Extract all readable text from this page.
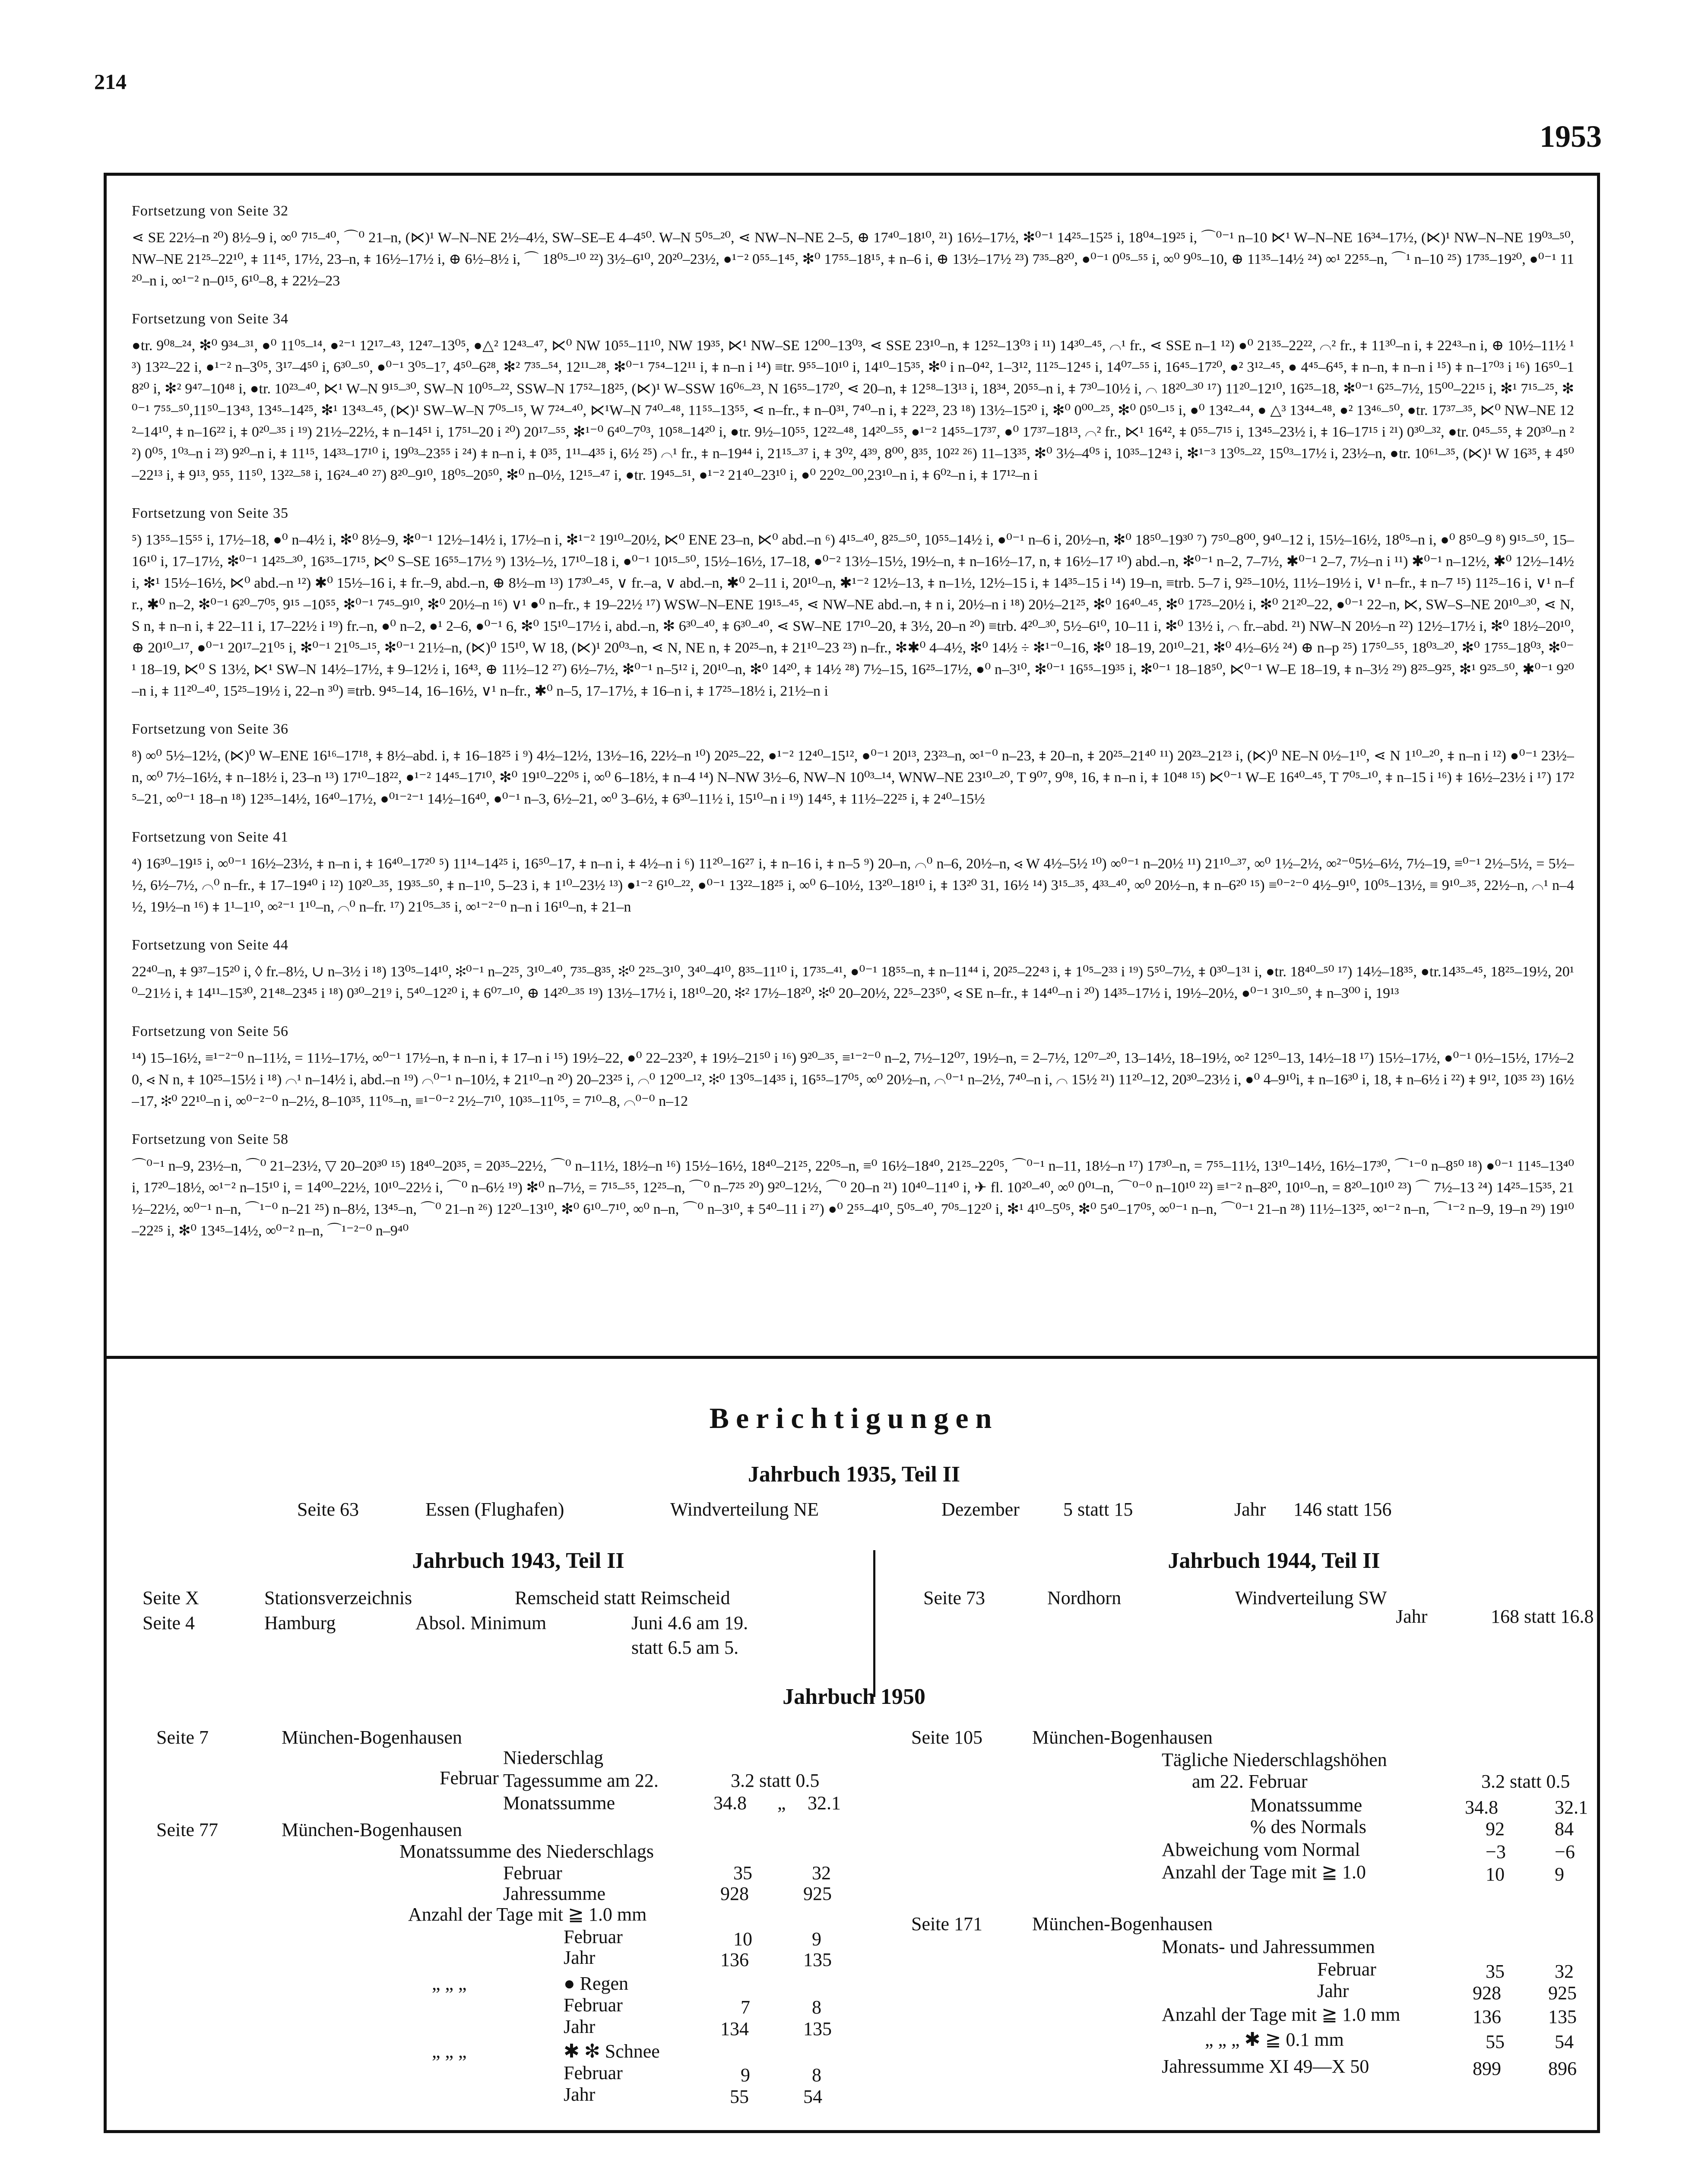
214
1953
Fortsetzung von Seite 32

⋖ SE 22½–n ²⁰) 8½–9 i, ∞⁰ 7¹⁵–⁴⁰, ⌒⁰ 21–n, (⋉)¹ W–N–NE 2½–4½, SW–SE–E 4–4⁵⁰. W–N 5⁰⁵–²⁰, ⋖ NW–N–NE 2–5, ⊕ 17⁴⁰–18¹⁰, ²¹) 16½–17½, ✻⁰⁻¹ 14²⁵–15²⁵ i, 18⁰⁴–19²⁵ i, ⌒⁰⁻¹ n–10 ⋉¹ W–N–NE 16³⁴–17½, (⋉)¹ NW–N–NE 19⁰³–⁵⁰, NW–NE 21²⁵–22¹⁰, ⧧ 11⁴⁵, 17½, 23–n, ⧧ 16½–17½ i, ⊕ 6½–8½ i, ⌒ 18⁰⁵–¹⁰ ²²) 3½–6¹⁰, 20²⁰–23½, ●¹⁻² 0⁵⁵–1⁴⁵, ✻⁰ 17⁵⁵–18¹⁵, ⧧ n–6 i, ⊕ 13½–17½ ²³) 7³⁵–8²⁰, ●⁰⁻¹ 0⁰⁵–⁵⁵ i, ∞⁰ 9⁰⁵–10, ⊕ 11³⁵–14½ ²⁴) ∞¹ 22⁵⁵–n, ⌒¹ n–10 ²⁵) 17³⁵–19²⁰, ●⁰⁻¹ 11²⁰–n i, ∞¹⁻² n–0¹⁵, 6¹⁰–8, ⧧ 22½–23

Fortsetzung von Seite 34

●tr. 9⁰⁸–²⁴, ✻⁰ 9³⁴–³¹, ●⁰ 11⁰⁵–¹⁴, ●²⁻¹ 12¹⁷–⁴³, 12⁴⁷–13⁰⁵, ●△² 12⁴³–⁴⁷, ⋉⁰ NW 10⁵⁵–11¹⁰, NW 19³⁵, ⋉¹ NW–SE 12⁰⁰–13⁰³, ⋖ SSE 23¹⁰–n, ⧧ 12⁵²–13⁰³ i ¹¹) 14³⁰–⁴⁵, ⌒¹ fr., ⋖ SSE n–1 ¹²) ●⁰ 21³⁵–22²², ⌒² fr., ⧧ 11³⁰–n i, ⧧ 22⁴³–n i, ⊕ 10½–11½ ¹³) 13²²–22 i, ●¹⁻² n–3⁰⁵, 3¹⁷–4⁵⁰ i, 6³⁰–⁵⁰, ●⁰⁻¹ 3⁰⁵–1⁷, 4⁵⁰–6²⁸, ✻² 7³⁵–⁵⁴, 12¹¹–²⁸, ✻⁰⁻¹ 7⁵⁴–12¹¹ i, ⧧ n–n i ¹⁴) ≡tr. 9⁵⁵–10¹⁰ i, 14¹⁰–15³⁵, ✻⁰ i n–0⁴², 1–3¹², 11²⁵–12⁴⁵ i, 14⁰⁷–⁵⁵ i, 16⁴⁵–17²⁰, ●² 3¹²–⁴⁵, ● 4⁴⁵–6⁴⁵, ⧧ n–n, ⧧ n–n i ¹⁵) ⧧ n–1⁷⁰³ i ¹⁶) 16⁵⁰–18²⁰ i, ✻² 9⁴⁷–10⁴⁸ i, ●tr. 10²³–⁴⁰, ⋉¹ W–N 9¹⁵–³⁰, SW–N 10⁰⁵–²², SSW–N 17⁵²–18²⁵, (⋉)¹ W–SSW 16⁰⁶–²³, N 16⁵⁵–17²⁰, ⋖ 20–n, ⧧ 12⁵⁸–13¹³ i, 18³⁴, 20⁵⁵–n i, ⧧ 7³⁰–10½ i, ⌒ 18²⁰–³⁰ ¹⁷) 11²⁰–12¹⁰, 16²⁵–18, ✻⁰⁻¹ 6²⁵–7½, 15⁰⁰–22¹⁵ i, ✻¹ 7¹⁵–²⁵, ✻⁰⁻¹ 7⁵⁵–⁵⁰,11⁵⁰–13⁴³, 13⁴⁵–14²⁵, ✻¹ 13⁴³–⁴⁵, (⋉)¹ SW–W–N 7⁰⁵–¹⁵, W 7²⁴–⁴⁰, ⋉¹W–N 7⁴⁰–⁴⁸, 11⁵⁵–13⁵⁵, ⋖ n–fr., ⧧ n–0³¹, 7⁴⁰–n i, ⧧ 22²³, 23 ¹⁸) 13½–15²⁰ i, ✻⁰ 0⁰⁰–²⁵, ✻⁰ 0⁵⁰–¹⁵ i, ●⁰ 13⁴²–⁴⁴, ● △³ 13⁴⁴–⁴⁸, ●² 13⁴⁶–⁵⁰, ●tr. 17³⁷–³⁵, ⋉⁰ NW–NE 12²–14¹⁰, ⧧ n–16²² i, ⧧ 0²⁰–³⁵ i ¹⁹) 21½–22½, ⧧ n–14⁵¹ i, 17⁵¹–20 i ²⁰) 20¹⁷–⁵⁵, ✻¹⁻⁰ 6⁴⁰–7⁰³, 10⁵⁸–14²⁰ i, ●tr. 9½–10⁵⁵, 12²²–⁴⁸, 14²⁰–⁵⁵, ●¹⁻² 14⁵⁵–17³⁷, ●⁰ 17³⁷–18¹³, ⌒² fr., ⋉¹ 16⁴², ⧧ 0⁵⁵–7¹⁵ i, 13⁴⁵–23½ i, ⧧ 16–17¹⁵ i ²¹) 0³⁰–³², ●tr. 0⁴⁵–⁵⁵, ⧧ 20³⁰–n ²²) 0⁰⁵, 1⁰³–n i ²³) 9²⁰–n i, ⧧ 11¹⁵, 14³³–17¹⁰ i, 19⁰³–23⁵⁵ i ²⁴) ⧧ n–n i, ⧧ 0³⁵, 1¹¹–4³⁵ i, 6½ ²⁵) ⌒¹ fr., ⧧ n–19⁴⁴ i, 21¹⁵–³⁷ i, ⧧ 3⁰², 4³⁹, 8⁰⁰, 8³⁵, 10²² ²⁶) 11–13³⁵, ✻⁰ 3½–4⁰⁵ i, 10³⁵–12⁴³ i, ✻¹⁻³ 13⁰⁵–²², 15⁰³–17½ i, 23½–n, ●tr. 10⁶¹–³⁵, (⋉)¹ W 16³⁵, ⧧ 4⁵⁰–22¹³ i, ⧧ 9¹³, 9⁵⁵, 11⁵⁰, 13²²–⁵⁸ i, 16²⁴–⁴⁰ ²⁷) 8²⁰–9¹⁰, 18⁰⁵–20⁵⁰, ✻⁰ n–0½, 12¹⁵–⁴⁷ i, ●tr. 19⁴⁵–⁵¹, ●¹⁻² 21⁴⁰–23¹⁰ i, ●⁰ 22⁰²–⁰⁰,23¹⁰–n i, ⧧ 6⁰²–n i, ⧧ 17¹²–n i

Fortsetzung von Seite 35

⁵) 13⁵⁵–15⁵⁵ i, 17½–18, ●⁰ n–4½ i, ✻⁰ 8½–9, ✻⁰⁻¹ 12½–14½ i, 17½–n i, ✻¹⁻² 19¹⁰–20½, ⋉⁰ ENE 23–n, ⋉⁰ abd.–n ⁶) 4¹⁵–⁴⁰, 8²⁵–⁵⁰, 10⁵⁵–14½ i, ●⁰⁻¹ n–6 i, 20½–n, ✻⁰ 18⁵⁰–19³⁰ ⁷) 7⁵⁰–8⁰⁰, 9⁴⁰–12 i, 15½–16½, 18⁰⁵–n i, ●⁰ 8⁵⁰–9 ⁸) 9¹⁵–⁵⁰, 15–16¹⁰ i, 17–17½, ✻⁰⁻¹ 14²⁵–³⁰, 16³⁵–17¹⁵, ⋉⁰ S–SE 16⁵⁵–17½ ⁹) 13½–½, 17¹⁰–18 i, ●⁰⁻¹ 10¹⁵–⁵⁰, 15½–16½, 17–18, ●⁰⁻² 13½–15½, 19½–n, ⧧ n–16½–17, n, ⧧ 16½–17 ¹⁰) abd.–n, ✻⁰⁻¹ n–2, 7–7½, ✱⁰⁻¹ 2–7, 7½–n i ¹¹) ✱⁰⁻¹ n–12½, ✱⁰ 12½–14½ i, ✻¹ 15½–16½, ⋉⁰ abd.–n ¹²) ✱⁰ 15½–16 i, ⧧ fr.–9, abd.–n, ⊕ 8½–m ¹³) 17³⁰–⁴⁵, ∨ fr.–a, ∨ abd.–n, ✱⁰ 2–11 i, 20¹⁰–n, ✱¹⁻² 12½–13, ⧧ n–1½, 12½–15 i, ⧧ 14³⁵–15 i ¹⁴) 19–n, ≡trb. 5–7 i, 9²⁵–10½, 11½–19½ i, ∨¹ n–fr., ⧧ n–7 ¹⁵) 11²⁵–16 i, ∨¹ n–fr., ✱⁰ n–2, ✻⁰⁻¹ 6²⁰–7⁰⁵, 9¹⁵ –10⁵⁵, ✻⁰⁻¹ 7⁴⁵–9¹⁰, ✻⁰ 20½–n ¹⁶) ∨¹ ●⁰ n–fr., ⧧ 19–22½ ¹⁷) WSW–N–ENE 19¹⁵–⁴⁵, ⋖ NW–NE abd.–n, ⧧ n i, 20½–n i ¹⁸) 20½–21²⁵, ✻⁰ 16⁴⁰–⁴⁵, ✻⁰ 17²⁵–20½ i, ✻⁰ 21²⁰–22, ●⁰⁻¹ 22–n, ⋉, SW–S–NE 20¹⁰–³⁰, ⋖ N, S n, ⧧ n–n i, ⧧ 22–11 i, 17–22½ i ¹⁹) fr.–n, ●⁰ n–2, ●¹ 2–6, ●⁰⁻¹ 6, ✻⁰ 15¹⁰–17½ i, abd.–n, ✻ 6³⁰–⁴⁰, ⧧ 6³⁰–⁴⁰, ⋖ SW–NE 17¹⁰–20, ⧧ 3½, 20–n ²⁰) ≡trb. 4²⁰–³⁰, 5½–6¹⁰, 10–11 i, ✻⁰ 13½ i, ⌒ fr.–abd. ²¹) NW–N 20½–n ²²) 12½–17½ i, ✻⁰ 18½–20¹⁰, ⊕ 20¹⁰–¹⁷, ●⁰⁻¹ 20¹⁷–21⁰⁵ i, ✻⁰⁻¹ 21⁰⁵–¹⁵, ✻⁰⁻¹ 21½–n, (⋉)⁰ 15¹⁰, W 18, (⋉)¹ 20⁰³–n, ⋖ N, NE n, ⧧ 20²⁵–n, ⧧ 21¹⁰–23 ²³) n–fr., ✻✱⁰ 4–4½, ✻⁰ 14½ ÷ ✻¹⁻⁰–16, ✻⁰ 18–19, 20¹⁰–21, ✻⁰ 4½–6½ ²⁴) ⊕ n–p ²⁵) 17⁵⁰–⁵⁵, 18⁰³–²⁰, ✻⁰ 17⁵⁵–18⁰³, ✻⁰⁻¹ 18–19, ⋉⁰ S 13½, ⋉¹ SW–N 14½–17½, ⧧ 9–12½ i, 16⁴³, ⊕ 11½–12 ²⁷) 6½–7½, ✻⁰⁻¹ n–5¹² i, 20¹⁰–n, ✻⁰ 14²⁰, ⧧ 14½ ²⁸) 7½–15, 16²⁵–17½, ●⁰ n–3¹⁰, ✻⁰⁻¹ 16⁵⁵–19³⁵ i, ✻⁰⁻¹ 18–18⁵⁰, ⋉⁰⁻¹ W–E 18–19, ⧧ n–3½ ²⁹) 8²⁵–9²⁵, ✻¹ 9²⁵–⁵⁰, ✱⁰⁻¹ 9²⁰–n i, ⧧ 11²⁰–⁴⁰, 15²⁵–19½ i, 22–n ³⁰) ≡trb. 9⁴⁵–14, 16–16½, ∨¹ n–fr., ✱⁰ n–5, 17–17½, ⧧ 16–n i, ⧧ 17²⁵–18½ i, 21½–n i

Fortsetzung von Seite 36

⁸) ∞⁰ 5½–12½, (⋉)⁰ W–ENE 16¹⁶–17¹⁸, ⧧ 8½–abd. i, ⧧ 16–18²⁵ i ⁹) 4½–12½, 13½–16, 22½–n ¹⁰) 20²⁵–22, ●¹⁻² 12⁴⁰–15¹², ●⁰⁻¹ 20¹³, 23²³–n, ∞¹⁻⁰ n–23, ⧧ 20–n, ⧧ 20²⁵–21⁴⁰ ¹¹) 20²³–21²³ i, (⋉)⁰ NE–N 0½–1¹⁰, ⋖ N 1¹⁰–²⁰, ⧧ n–n i ¹²) ●⁰⁻¹ 23½–n, ∞⁰ 7½–16½, ⧧ n–18½ i, 23–n ¹³) 17¹⁰–18²², ●¹⁻² 14⁴⁵–17¹⁰, ✻⁰ 19¹⁰–22⁰⁵ i, ∞⁰ 6–18½, ⧧ n–4 ¹⁴) N–NW 3½–6, NW–N 10⁰³–¹⁴, WNW–NE 23¹⁰–²⁰, T 9⁰⁷, 9⁰⁸, 16, ⧧ n–n i, ⧧ 10⁴⁸ ¹⁵) ⋉⁰⁻¹ W–E 16⁴⁰–⁴⁵, T 7⁰⁵–¹⁰, ⧧ n–15 i ¹⁶) ⧧ 16½–23½ i ¹⁷) 17²⁵–21, ∞⁰⁻¹ 18–n ¹⁸) 12³⁵–14½, 16⁴⁰–17½, ●⁰¹⁻²⁻¹ 14½–16⁴⁰, ●⁰⁻¹ n–3, 6½–21, ∞⁰ 3–6½, ⧧ 6³⁰–11½ i, 15¹⁰–n i ¹⁹) 14⁴⁵, ⧧ 11½–22²⁵ i, ⧧ 2⁴⁰–15½

Fortsetzung von Seite 41

⁴) 16³⁰–19¹⁵ i, ∞⁰⁻¹ 16½–23½, ⧧ n–n i, ⧧ 16⁴⁰–17²⁰ ⁵) 11¹⁴–14²⁵ i, 16⁵⁰–17, ⧧ n–n i, ⧧ 4½–n i ⁶) 11²⁰–16²⁷ i, ⧧ n–16 i, ⧧ n–5 ⁹) 20–n, ⌒⁰ n–6, 20½–n, ⋖ W 4½–5½ ¹⁰) ∞⁰⁻¹ n–20½ ¹¹) 21¹⁰–³⁷, ∞⁰ 1½–2½, ∞²⁻⁰5½–6½, 7½–19, ≡⁰⁻¹ 2½–5½, = 5½–½, 6½–7½, ⌒⁰ n–fr., ⧧ 17–19⁴⁰ i ¹²) 10²⁰–³⁵, 19³⁵–⁵⁰, ⧧ n–1¹⁰, 5–23 i, ⧧ 1¹⁰–23½ ¹³) ●¹⁻² 6¹⁰–²², ●⁰⁻¹ 13²²–18²⁵ i, ∞⁰ 6–10½, 13²⁰–18¹⁰ i, ⧧ 13²⁰ 31, 16½ ¹⁴) 3¹⁵–³⁵, 4³³–⁴⁰, ∞⁰ 20½–n, ⧧ n–6²⁰ ¹⁵) ≡⁰⁻²⁻⁰ 4½–9¹⁰, 10⁰⁵–13½, ≡ 9¹⁰–³⁵, 22½–n, ⌒¹ n–4½, 19½–n ¹⁶) ⧧ 1¹–1¹⁰, ∞²⁻¹ 1¹⁰–n, ⌒⁰ n–fr. ¹⁷) 21⁰⁵–³⁵ i, ∞¹⁻²⁻⁰ n–n i 16¹⁰–n, ⧧ 21–n

Fortsetzung von Seite 44

22⁴⁰–n, ⧧ 9³⁷–15²⁰ i, ◊ fr.–8½, ∪ n–3½ i ¹⁸) 13⁰⁵–14¹⁰, ✻⁰⁻¹ n–2²⁵, 3¹⁰–⁴⁰, 7³⁵–8³⁵, ✻⁰ 2²⁵–3¹⁰, 3⁴⁰–4¹⁰, 8³⁵–11¹⁰ i, 17³⁵–⁴¹, ●⁰⁻¹ 18⁵⁵–n, ⧧ n–11⁴⁴ i, 20²⁵–22⁴³ i, ⧧ 1⁰⁵–2³³ i ¹⁹) 5⁵⁰–7½, ⧧ 0³⁰–1³¹ i, ●tr. 18⁴⁰–⁵⁰ ¹⁷) 14½–18³⁵, ●tr.14³⁵–⁴⁵, 18²⁵–19½, 20¹⁰–21½ i, ⧧ 14¹¹–15³⁰, 21⁴⁸–23⁴⁵ i ¹⁸) 0³⁰–21⁹ i, 5⁴⁰–12²⁰ i, ⧧ 6⁰⁷–¹⁰, ⊕ 14²⁰–³⁵ ¹⁹) 13½–17½ i, 18¹⁰–20, ✻² 17½–18²⁰, ✻⁰ 20–20½, 22⁵–23⁵⁰, ⋖ SE n–fr., ⧧ 14⁴⁰–n i ²⁰) 14³⁵–17½ i, 19½–20½, ●⁰⁻¹ 3¹⁰–⁵⁰, ⧧ n–3⁰⁰ i, 19¹³

Fortsetzung von Seite 56

¹⁴) 15–16½, ≡¹⁻²⁻⁰ n–11½, = 11½–17½, ∞⁰⁻¹ 17½–n, ⧧ n–n i, ⧧ 17–n i ¹⁵) 19½–22, ●⁰ 22–23²⁰, ⧧ 19½–21⁵⁰ i ¹⁶) 9²⁰–³⁵, ≡¹⁻²⁻⁰ n–2, 7½–12⁰⁷, 19½–n, = 2–7½, 12⁰⁷–²⁰, 13–14½, 18–19½, ∞² 12⁵⁰–13, 14½–18 ¹⁷) 15½–17½, ●⁰⁻¹ 0½–15½, 17½–20, ⋖ N n, ⧧ 10²⁵–15½ i ¹⁸) ⌒¹ n–14½ i, abd.–n ¹⁹) ⌒⁰⁻¹ n–10½, ⧧ 21¹⁰–n ²⁰) 20–23²⁵ i, ⌒⁰ 12⁰⁰–¹², ✻⁰ 13⁰⁵–14³⁵ i, 16⁵⁵–17⁰⁵, ∞⁰ 20½–n, ⌒⁰⁻¹ n–2½, 7⁴⁰–n i, ⌒ 15½ ²¹) 11²⁰–12, 20³⁰–23½ i, ●⁰ 4–9¹⁰i, ⧧ n–16³⁰ i, 18, ⧧ n–6½ i ²²) ⧧ 9¹², 10³⁵ ²³) 16½–17, ✻⁰ 22¹⁰–n i, ∞⁰⁻²⁻⁰ n–2½, 8–10³⁵, 11⁰⁵–n, ≡¹⁻⁰⁻² 2½–7¹⁰, 10³⁵–11⁰⁵, = 7¹⁰–8, ⌒⁰⁻⁰ n–12

Fortsetzung von Seite 58

⌒⁰⁻¹ n–9, 23½–n, ⌒⁰ 21–23½, ▽ 20–20³⁰ ¹⁵) 18⁴⁰–20³⁵, = 20³⁵–22½, ⌒⁰ n–11½, 18½–n ¹⁶) 15½–16½, 18⁴⁰–21²⁵, 22⁰⁵–n, ≡⁰ 16½–18⁴⁰, 21²⁵–22⁰⁵, ⌒⁰⁻¹ n–11, 18½–n ¹⁷) 17³⁰–n, = 7⁵⁵–11½, 13¹⁰–14½, 16½–17³⁰, ⌒¹⁻⁰ n–8⁵⁰ ¹⁸) ●⁰⁻¹ 11⁴⁵–13⁴⁰ i, 17²⁰–18½, ∞¹⁻² n–15¹⁰ i, = 14⁰⁰–22½, 10¹⁰–22½ i, ⌒⁰ n–6½ ¹⁹) ✻⁰ n–7½, = 7¹⁵–⁵⁵, 12²⁵–n, ⌒⁰ n–7²⁵ ²⁰) 9²⁰–12½, ⌒⁰ 20–n ²¹) 10⁴⁰–11⁴⁰ i, ✈ fl. 10²⁰–⁴⁰, ∞⁰ 0⁰¹–n, ⌒⁰⁻⁰ n–10¹⁰ ²²) ≡¹⁻² n–8²⁰, 10¹⁰–n, = 8²⁰–10¹⁰ ²³) ⌒ 7½–13 ²⁴) 14²⁵–15³⁵, 21½–22½, ∞⁰⁻¹ n–n, ⌒¹⁻⁰ n–21 ²⁵) n–8½, 13⁴⁵–n, ⌒⁰ 21–n ²⁶) 12²⁰–13¹⁰, ✻⁰ 6¹⁰–7¹⁰, ∞⁰ n–n, ⌒⁰ n–3¹⁰, ⧧ 5⁴⁰–11 i ²⁷) ●⁰ 2⁵⁵–4¹⁰, 5⁰⁵–⁴⁰, 7⁰⁵–12²⁰ i, ✻¹ 4¹⁰–5⁰⁵, ✻⁰ 5⁴⁰–17⁰⁵, ∞⁰⁻¹ n–n, ⌒⁰⁻¹ 21–n ²⁸) 11½–13²⁵, ∞¹⁻² n–n, ⌒¹⁻² n–9, 19–n ²⁹) 19¹⁰–22²⁵ i, ✻⁰ 13⁴⁵–14½, ∞⁰⁻² n–n, ⌒¹⁻²⁻⁰ n–9⁴⁰

Berichtigungen
Jahrbuch 1935, Teil II
Seite 63	Essen (Flughafen)	Windverteilung NE	Dezember 5 statt 15	Jahr 146 statt 156
Jahrbuch 1943, Teil II
Seite X	Stationsverzeichnis	Remscheid statt Reimscheid
Seite 4	Hamburg	Absol. Minimum	Juni 4.6 am 19.
statt 6.5 am 5.
Jahrbuch 1944, Teil II
Seite 73	Nordhorn	Windverteilung SW
Jahr	168 statt 16.8
Jahrbuch 1950
Seite 7	München-Bogenhausen
Niederschlag
Februar Tagessumme am 22.	3.2 statt 0.5
Monatssumme	34.8 „ 32.1
Seite 77	München-Bogenhausen
Monatssumme des Niederschlags
Februar	35	32
Jahressumme	928	925
Anzahl der Tage mit ≧ 1.0 mm
Februar	10	9
Jahr	136	135
„ „ „	● Regen
Februar	7	8
Jahr	134	135
„ „ „	✱ ✻ Schnee
Februar	9	8
Jahr	55	54
Seite 105	München-Bogenhausen
Tägliche Niederschlagshöhen
am 22. Februar	3.2 statt 0.5
Monatssumme	34.8	32.1
% des Normals	92	84
Abweichung vom Normal	−3	−6
Anzahl der Tage mit ≧ 1.0	10	9
Seite 171	München-Bogenhausen
Monats- und Jahressummen
Februar	35	32
Jahr	928 925
Anzahl der Tage mit ≧ 1.0 mm	136 135
„ „ „ ✱ ≧ 0.1 mm	55	54
Jahressumme XI 49—X 50	899 896
